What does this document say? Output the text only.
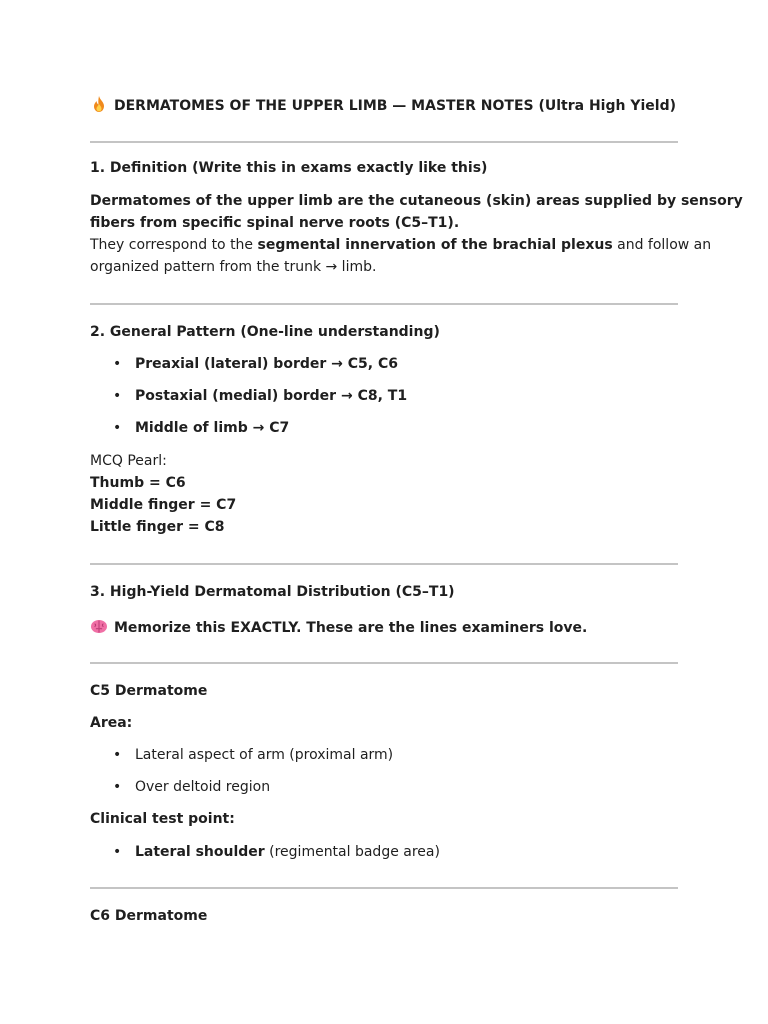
DERMATOMES OF THE UPPER LIMB — MASTER NOTES (Ultra High Yield)
1. Definition (Write this in exams exactly like this)
Dermatomes of the upper limb are the cutaneous (skin) areas supplied by sensory
fibers from specific spinal nerve roots (C5–T1).
They correspond to the segmental innervation of the brachial plexus and follow an
organized pattern from the trunk → limb.
2. General Pattern (One-line understanding)
• Preaxial (lateral) border → C5, C6
• Postaxial (medial) border → C8, T1
• Middle of limb → C7
MCQ Pearl:
Thumb = C6
Middle finger = C7
Little finger = C8
3. High-Yield Dermatomal Distribution (C5–T1)
Memorize this EXACTLY. These are the lines examiners love.
C5 Dermatome
Area:
• Lateral aspect of arm (proximal arm)
• Over deltoid region
Clinical test point:
• Lateral shoulder (regimental badge area)
C6 Dermatome
